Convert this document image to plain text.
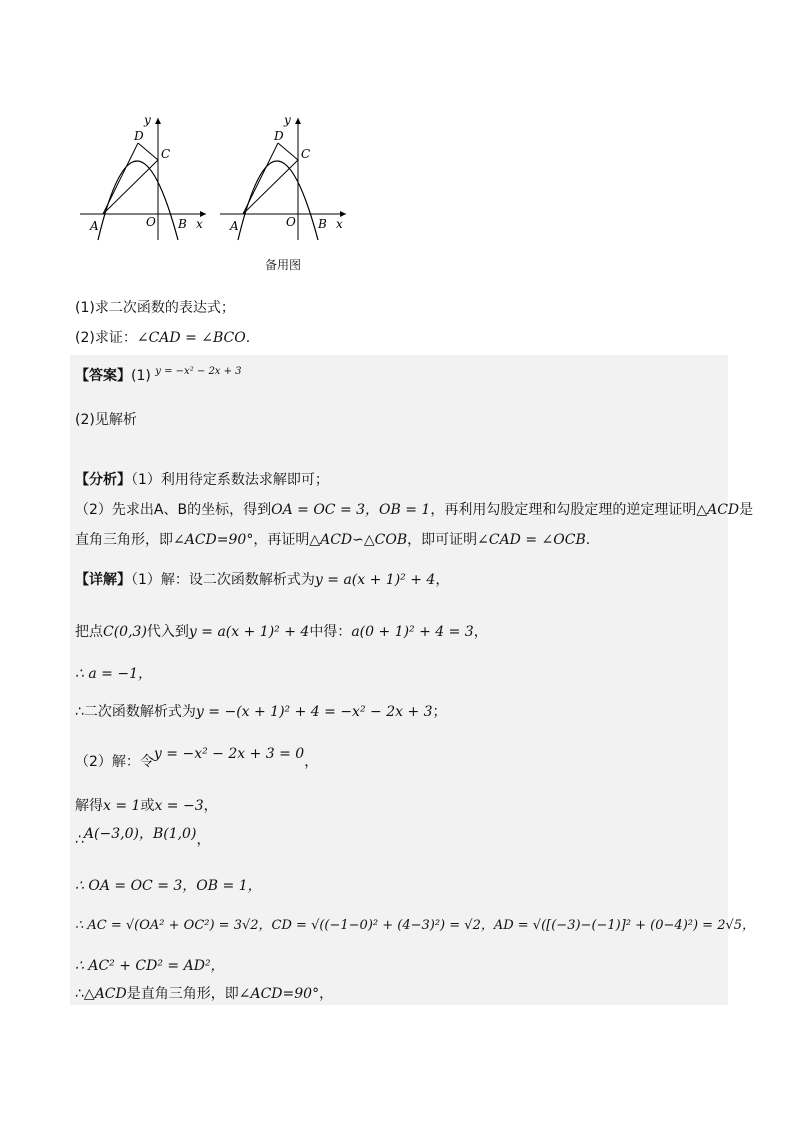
y
x
D
C
A	O B
y
x
D
C
A	O B
备用图
(1)求二次函数的表达式；
(2)求证：∠CAD = ∠BCO.
【答案】(1) $^{y = -x^2 - 2x + 3}$
(2)见解析
【分析】（1）利用待定系数法求解即可；
（2）先求出A、B的坐标，得到OA = OC = 3，OB = 1，再利用勾股定理和勾股定理的逆定理证明△ACD是
直角三角形，即∠ACD=90°，再证明△ACD∽△COB，即可证明∠CAD = ∠OCB.
【详解】（1）解：设二次函数解析式为y = a(x + 1)² + 4，
把点C(0,3)代入到y = a(x + 1)² + 4中得：a(0 + 1)² + 4 = 3，
∴ a = −1，
∴二次函数解析式为y = −(x + 1)² + 4 = −x² − 2x + 3；
（2）解：令y = −x² − 2x + 3 = 0，
解得x = 1或x = −3，
∴A(−3,0)，B(1,0)，
∴ OA = OC = 3，OB = 1，
∴ AC = √(OA² + OC²) = 3√2，CD = √((−1−0)² + (4−3)²) = √2，AD = √([(−3)−(−1)]² + (0−4)²) = 2√5，
∴ AC² + CD² = AD²，
∴△ACD是直角三角形，即∠ACD=90°，
